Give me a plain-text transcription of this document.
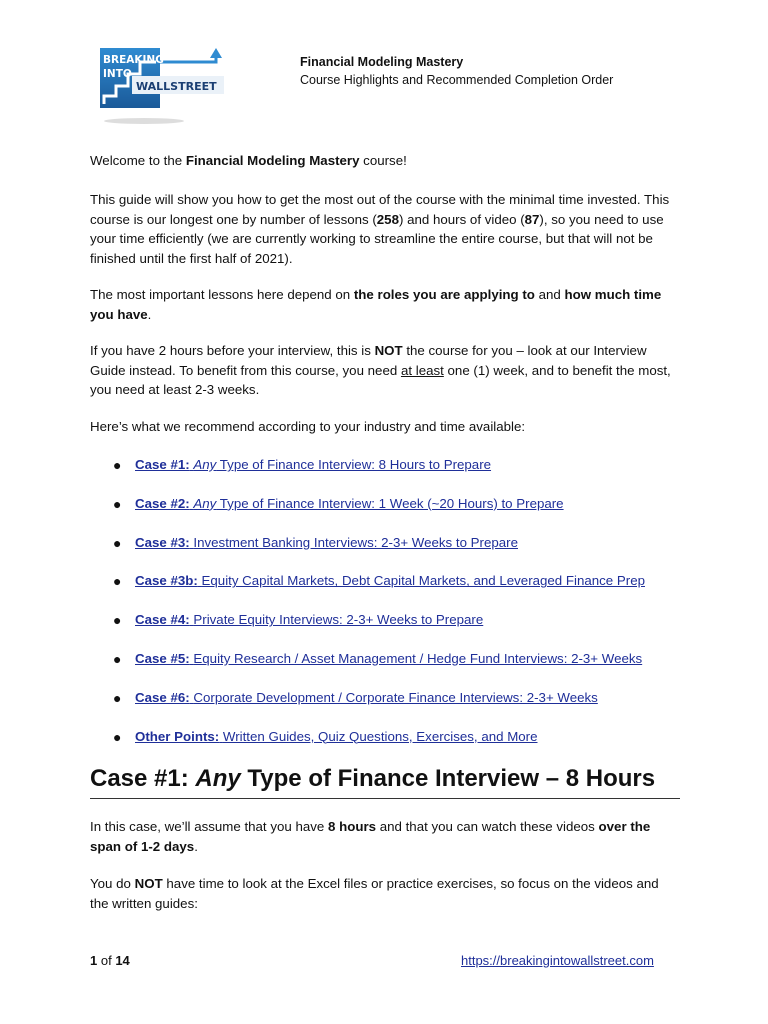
BREAKING
INTO
WALLSTREET
Financial Modeling Mastery
Course Highlights and Recommended Completion Order

Welcome to the Financial Modeling Mastery course!

This guide will show you how to get the most out of the course with the minimal time invested. This course is our longest one by number of lessons (258) and hours of video (87), so you need to use your time efficiently (we are currently working to streamline the entire course, but that will not be finished until the first half of 2021).

The most important lessons here depend on the roles you are applying to and how much time you have.

If you have 2 hours before your interview, this is NOT the course for you – look at our Interview Guide instead. To benefit from this course, you need at least one (1) week, and to benefit the most, you need at least 2-3 weeks.

Here’s what we recommend according to your industry and time available:

● Case #1: Any Type of Finance Interview: 8 Hours to Prepare
● Case #2: Any Type of Finance Interview: 1 Week (~20 Hours) to Prepare
● Case #3: Investment Banking Interviews: 2-3+ Weeks to Prepare
● Case #3b: Equity Capital Markets, Debt Capital Markets, and Leveraged Finance Prep
● Case #4: Private Equity Interviews: 2-3+ Weeks to Prepare
● Case #5: Equity Research / Asset Management / Hedge Fund Interviews: 2-3+ Weeks
● Case #6: Corporate Development / Corporate Finance Interviews: 2-3+ Weeks
● Other Points: Written Guides, Quiz Questions, Exercises, and More
Case #1: Any Type of Finance Interview – 8 Hours

In this case, we’ll assume that you have 8 hours and that you can watch these videos over the span of 1-2 days.

You do NOT have time to look at the Excel files or practice exercises, so focus on the videos and the written guides:

1 of 14	https://breakingintowallstreet.com
